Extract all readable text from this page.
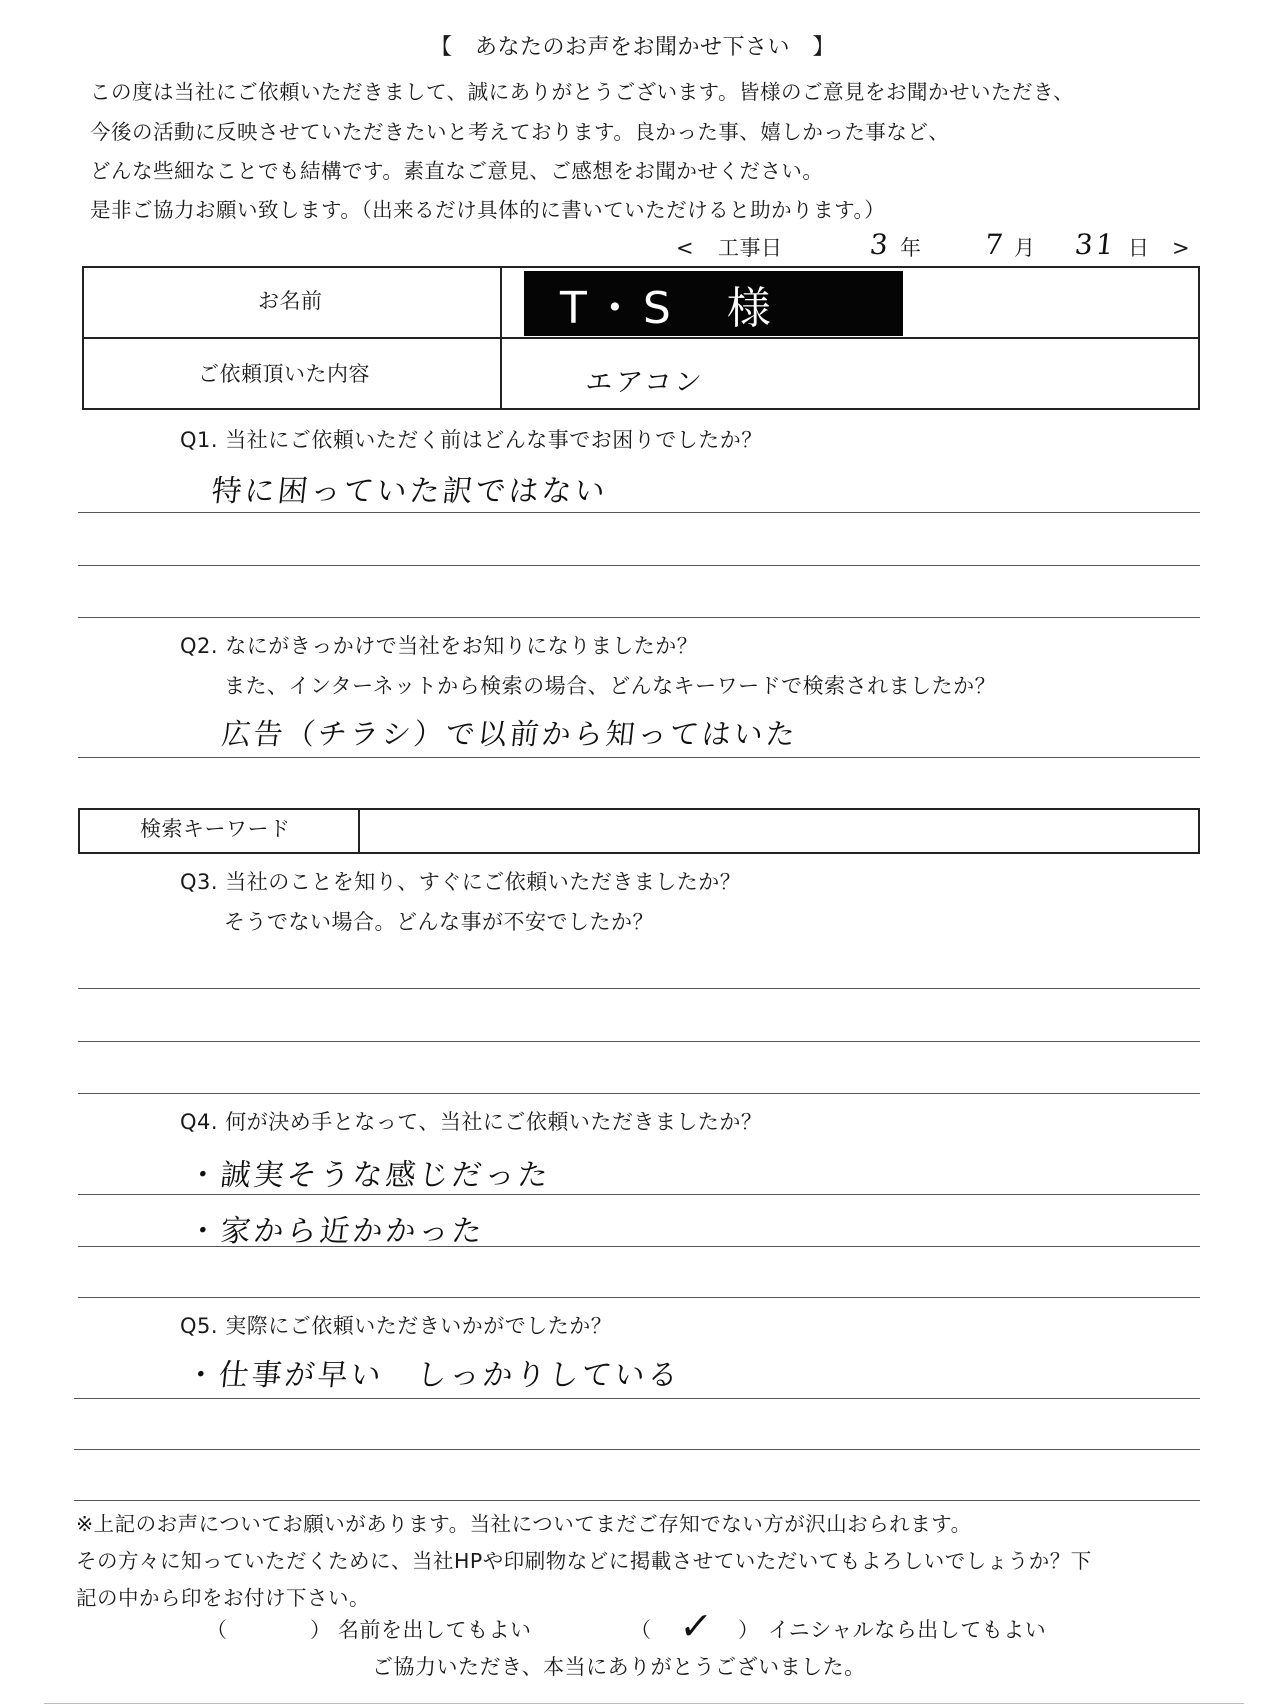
【　あなたのお声をお聞かせ下さい　】
この度は当社にご依頼いただきまして、誠にありがとうございます。皆様のご意見をお聞かせいただき、
今後の活動に反映させていただきたいと考えております。良かった事、嬉しかった事など、
どんな些細なことでも結構です。素直なご意見、ご感想をお聞かせください。
是非ご協力お願い致します。（出来るだけ具体的に書いていただけると助かります。）
< 工事日	3 年 7 月 31 日 >
お名前	T・S　様
ご依頼頂いた内容	エアコン
Q1. 当社にご依頼いただく前はどんな事でお困りでしたか？
特に困っていた訳ではない
Q2. なにがきっかけで当社をお知りになりましたか？
また、インターネットから検索の場合、どんなキーワードで検索されましたか？
広告（チラシ）で以前から知ってはいた
検索キーワード
Q3. 当社のことを知り、すぐにご依頼いただきましたか？
そうでない場合。どんな事が不安でしたか？
Q4. 何が決め手となって、当社にご依頼いただきましたか？
・誠実そうな感じだった
・家から近かかった
Q5. 実際にご依頼いただきいかがでしたか？
・仕事が早い　しっかりしている
※上記のお声についてお願いがあります。当社についてまだご存知でない方が沢山おられます。
その方々に知っていただくために、当社HPや印刷物などに掲載させていただいてもよろしいでしょうか？下
記の中から印をお付け下さい。
（	） 名前を出してもよい	（ ✓ ） イニシャルなら出してもよい
ご協力いただき、本当にありがとうございました。
